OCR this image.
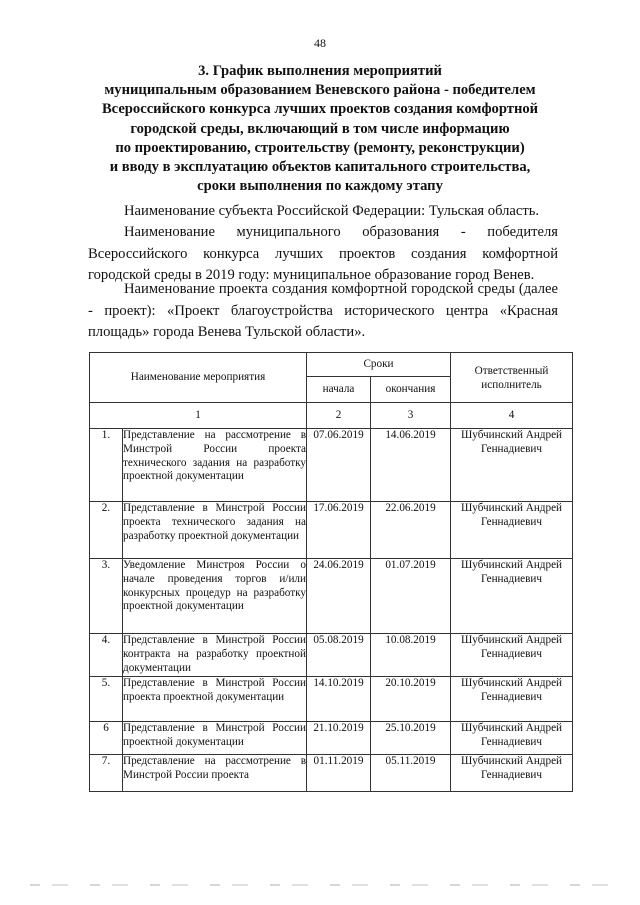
48
3. График выполнения мероприятий
муниципальным образованием Веневского района - победителем
Всероссийского конкурса лучших проектов создания комфортной
городской среды, включающий в том числе информацию
по проектированию, строительству (ремонту, реконструкции)
и вводу в эксплуатацию объектов капитального строительства,
сроки выполнения по каждому этапу
Наименование субъекта Российской Федерации: Тульская область.
Наименование муниципального образования - победителя Всероссийского конкурса лучших проектов создания комфортной городской среды в 2019 году: муниципальное образование город Венев.
Наименование проекта создания комфортной городской среды (далее - проект): «Проект благоустройства исторического центра «Красная площадь» города Венева Тульской области».
Наименование мероприятия		Сроки		Ответственный исполнитель

		начала	окончания	
1		2	3	4
1.	Представление на рассмотрение в Минстрой России проекта технического задания на разработку проектной документации	07.06.2019	14.06.2019	Шубчинский Андрей Геннадиевич
2.	Представление в Минстрой России проекта технического задания на разработку проектной документации	17.06.2019	22.06.2019	Шубчинский Андрей Геннадиевич
3.	Уведомление Минстроя России о начале проведения торгов и/или конкурсных процедур на разработку проектной документации	24.06.2019	01.07.2019	Шубчинский Андрей Геннадиевич
4.	Представление в Минстрой России контракта на разработку проектной документации	05.08.2019	10.08.2019	Шубчинский Андрей Геннадиевич
5.	Представление в Минстрой России проекта проектной документации	14.10.2019	20.10.2019	Шубчинский Андрей Геннадиевич
6	Представление в Минстрой России проектной документации	21.10.2019	25.10.2019	Шубчинский Андрей Геннадиевич
7.	Представление на рассмотрение в Минстрой России проекта	01.11.2019	05.11.2019	Шубчинский Андрей Геннадиевич
